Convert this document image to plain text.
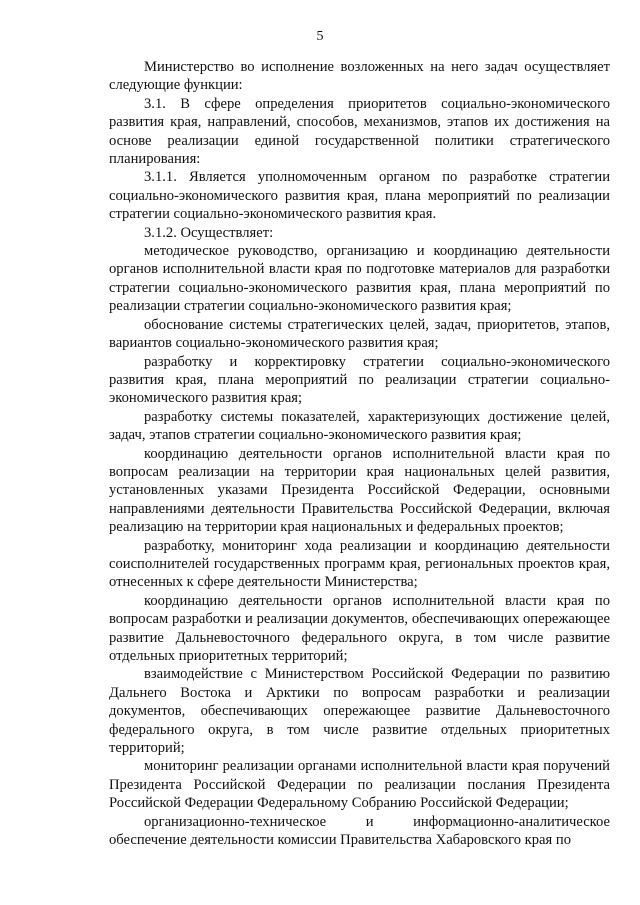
5

Министерство во исполнение возложенных на него задач осуществляет следующие функции:

3.1. В сфере определения приоритетов социально-экономического развития края, направлений, способов, механизмов, этапов их достижения на основе реализации единой государственной политики стратегического планирования:

3.1.1. Является уполномоченным органом по разработке стратегии социально-экономического развития края, плана мероприятий по реализации стратегии социально-экономического развития края.

3.1.2. Осуществляет:

методическое руководство, организацию и координацию деятельности органов исполнительной власти края по подготовке материалов для разработки стратегии социально-экономического развития края, плана мероприятий по реализации стратегии социально-экономического развития края;

обоснование системы стратегических целей, задач, приоритетов, этапов, вариантов социально-экономического развития края;

разработку и корректировку стратегии социально-экономического развития края, плана мероприятий по реализации стратегии социально-экономического развития края;

разработку системы показателей, характеризующих достижение целей, задач, этапов стратегии социально-экономического развития края;

координацию деятельности органов исполнительной власти края по вопросам реализации на территории края национальных целей развития, установленных указами Президента Российской Федерации, основными направлениями деятельности Правительства Российской Федерации, включая реализацию на территории края национальных и федеральных проектов;

разработку, мониторинг хода реализации и координацию деятельности соисполнителей государственных программ края, региональных проектов края, отнесенных к сфере деятельности Министерства;

координацию деятельности органов исполнительной власти края по вопросам разработки и реализации документов, обеспечивающих опережающее развитие Дальневосточного федерального округа, в том числе развитие отдельных приоритетных территорий;

взаимодействие с Министерством Российской Федерации по развитию Дальнего Востока и Арктики по вопросам разработки и реализации документов, обеспечивающих опережающее развитие Дальневосточного федерального округа, в том числе развитие отдельных приоритетных территорий;

мониторинг реализации органами исполнительной власти края поручений Президента Российской Федерации по реализации послания Президента Российской Федерации Федеральному Собранию Российской Федерации;

организационно-техническое и информационно-аналитическое обеспечение деятельности комиссии Правительства Хабаровского края по
